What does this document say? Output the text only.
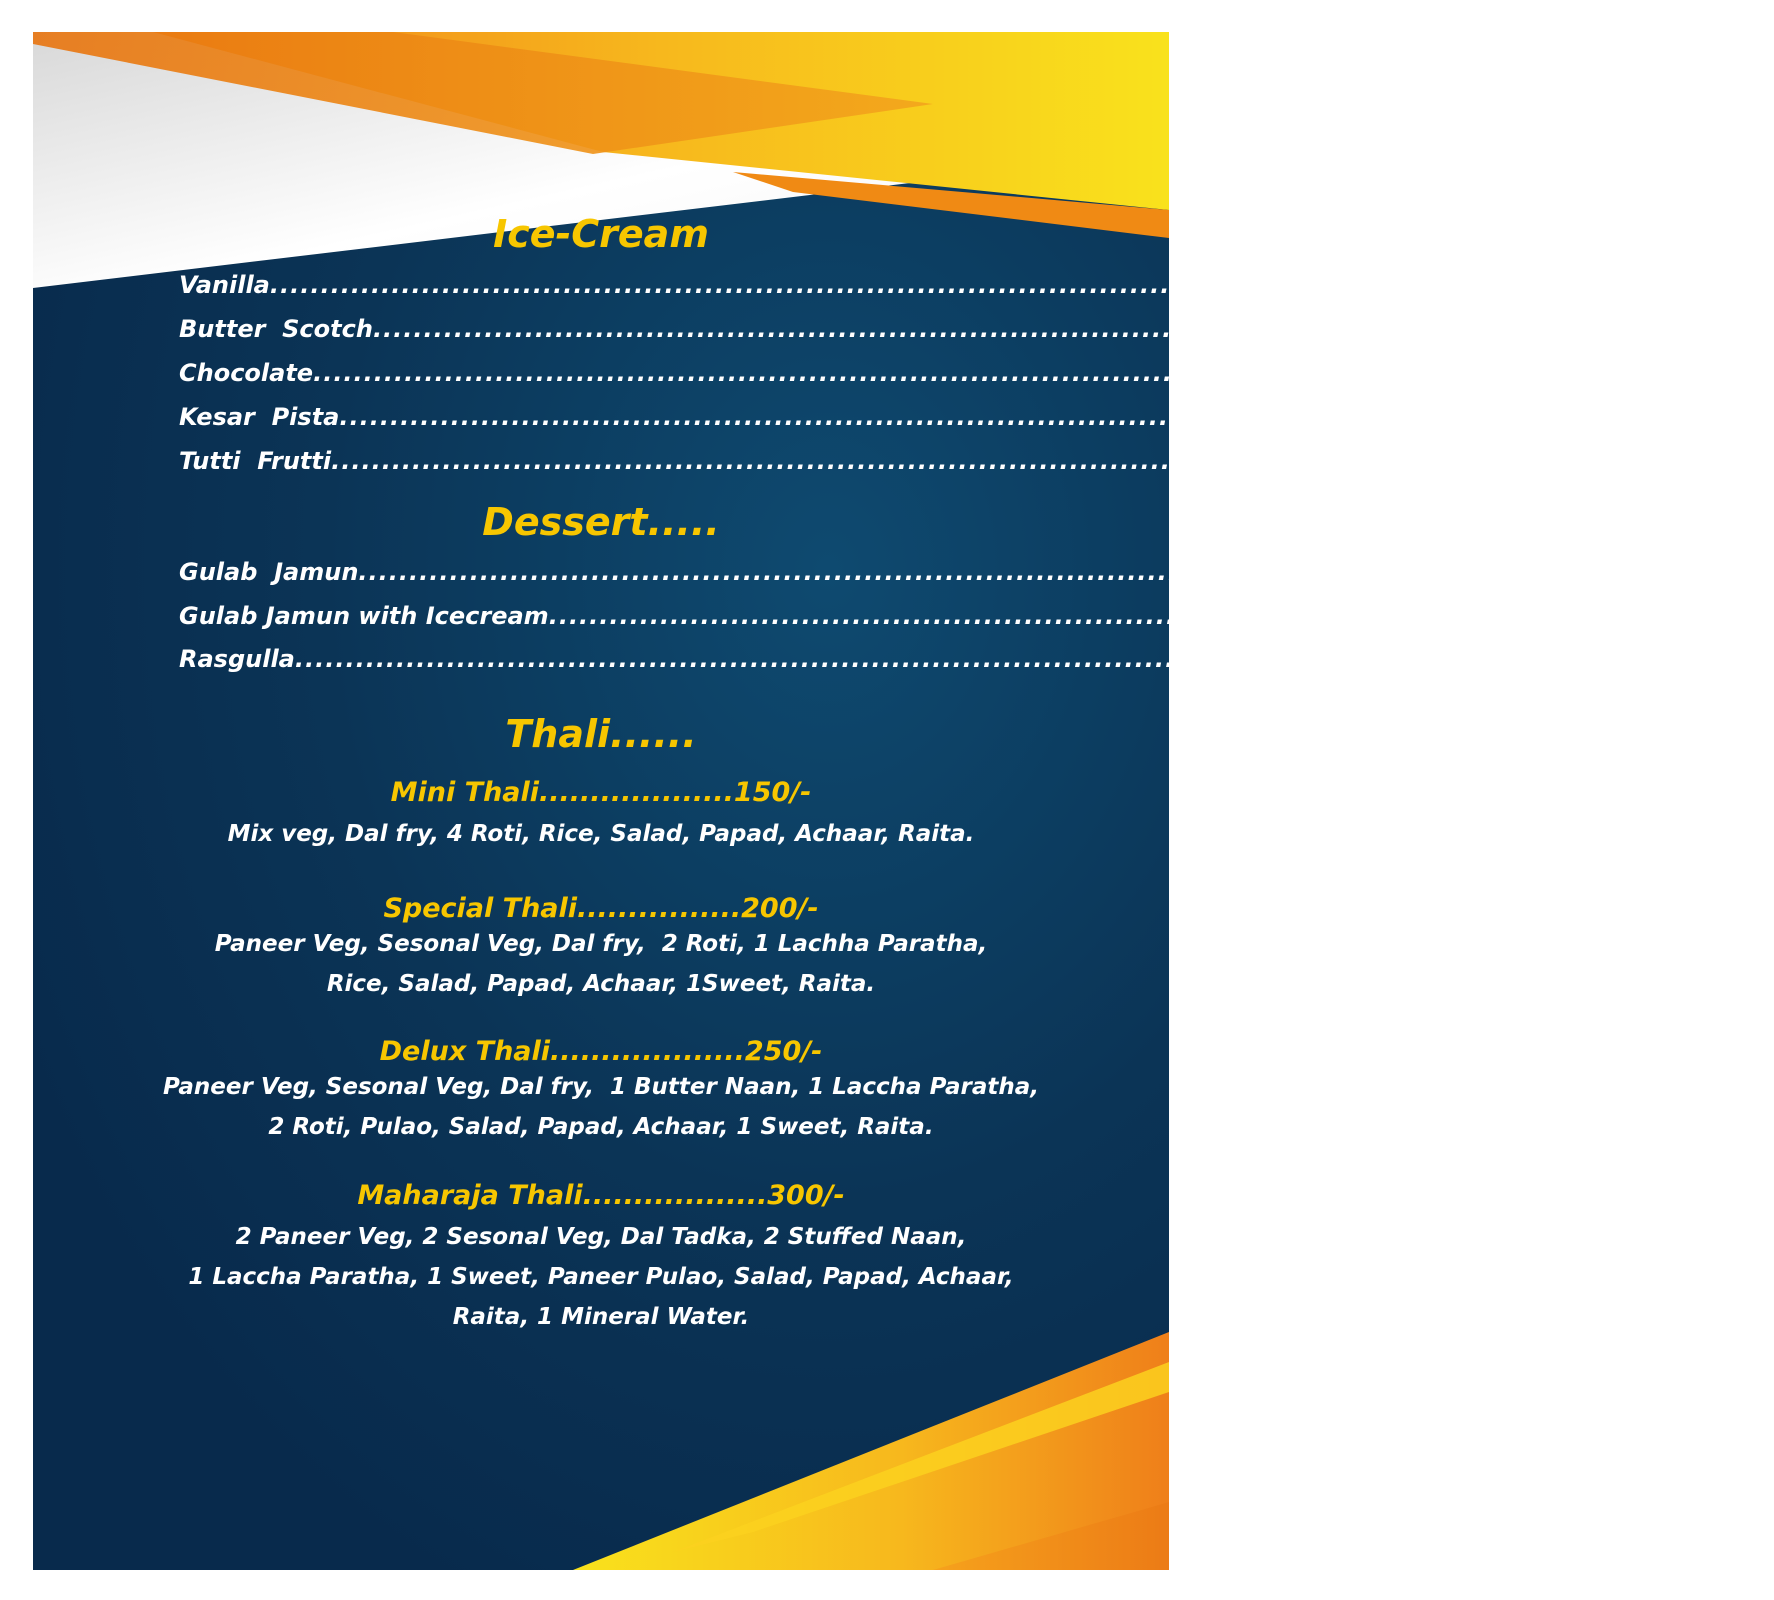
Ice-Cream
Vanilla .................................................................................................................... 50/-
Butter  Scotch .................................................................................................................... 70/-
Chocolate .................................................................................................................... 70/-
Kesar  Pista .................................................................................................................... 80/-
Tutti  Frutti .................................................................................................................... 70/-
Dessert.....
Gulab  Jamun .................................................................................................................... 25/-
Gulab Jamun with Icecream .................................................................................................................... 50/-
Rasgulla .................................................................................................................... 25/-
Thali......
Mini Thali...................150/-
Mix veg, Dal fry, 4 Roti, Rice, Salad, Papad, Achaar, Raita.
Special Thali................200/-
Paneer Veg, Sesonal Veg, Dal fry,  2 Roti, 1 Lachha Paratha,
Rice, Salad, Papad, Achaar, 1Sweet, Raita.
Delux Thali...................250/-
Paneer Veg, Sesonal Veg, Dal fry,  1 Butter Naan, 1 Laccha Paratha,
2 Roti, Pulao, Salad, Papad, Achaar, 1 Sweet, Raita.
Maharaja Thali..................300/-
2 Paneer Veg, 2 Sesonal Veg, Dal Tadka, 2 Stuffed Naan,
1 Laccha Paratha, 1 Sweet, Paneer Pulao, Salad, Papad, Achaar,
Raita, 1 Mineral Water.
